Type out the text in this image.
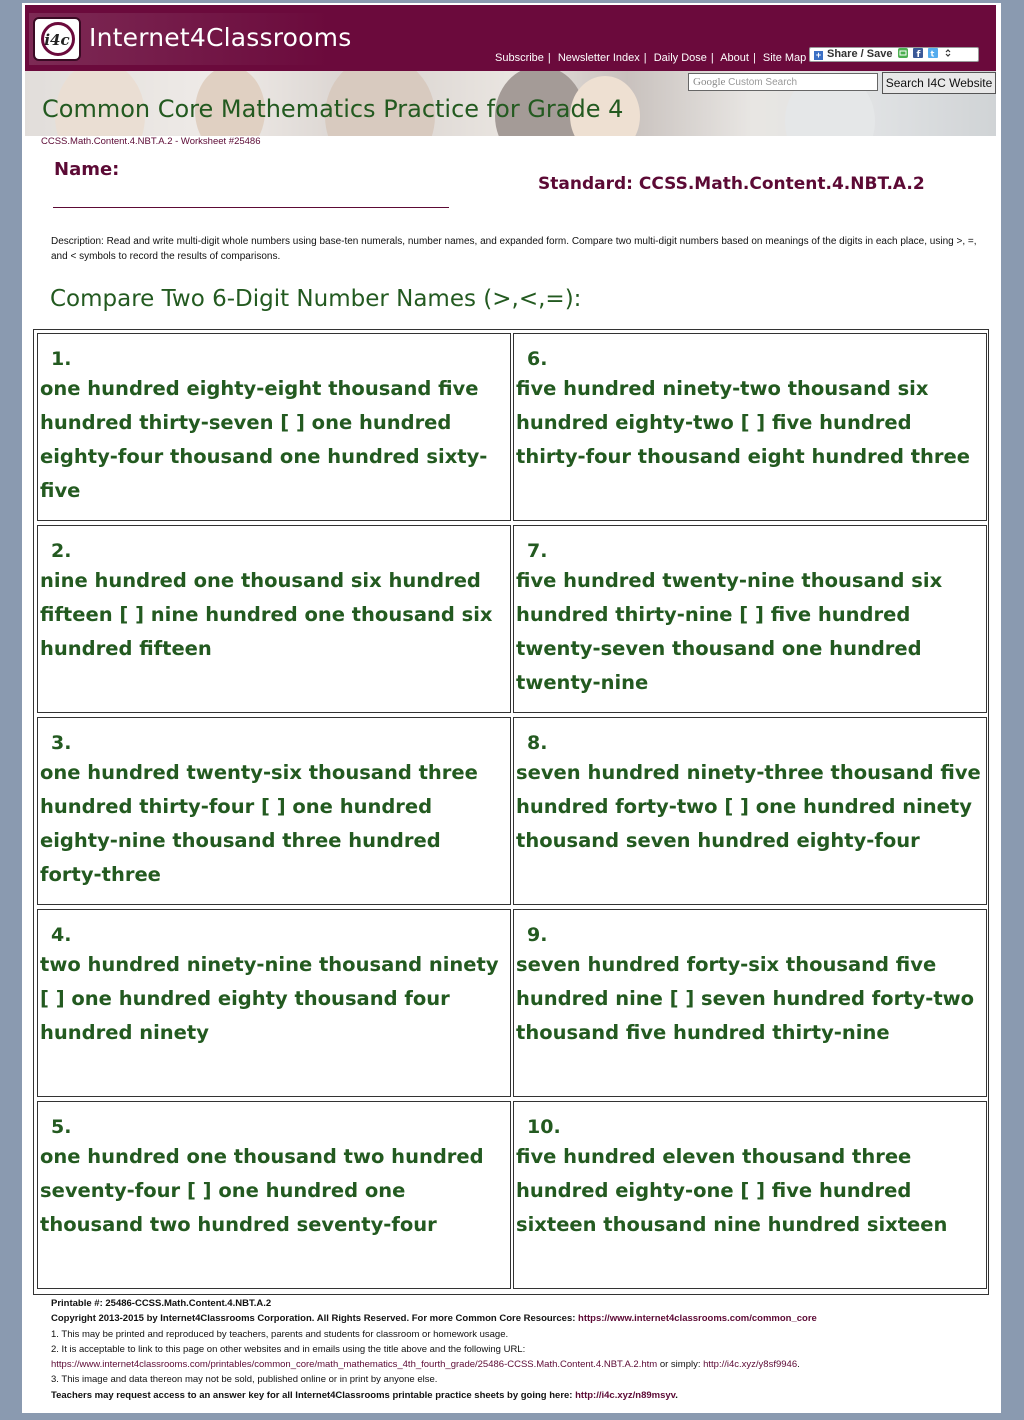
i4c Internet4Classrooms
Subscribe | Newsletter Index | Daily Dose | About | Site Map	+ Share / Save	f
t

Google Custom Search	Search I4C Website
Common Core Mathematics Practice for Grade 4
CCSS.Math.Content.4.NBT.A.2 - Worksheet #25486
Name:
Standard: CCSS.Math.Content.4.NBT.A.2
Description: Read and write multi-digit whole numbers using base-ten numerals, number names, and expanded form. Compare two multi-digit numbers based on meanings of the digits in each place, using >, =, and < symbols to record the results of comparisons.
Compare Two 6-Digit Number Names (>,<,=):
1.
one hundred eighty-eight thousand five hundred thirty-seven [ ] one hundred eighty-four thousand one hundred sixty-five
6.
five hundred ninety-two thousand six hundred eighty-two [ ] five hundred thirty-four thousand eight hundred three
2.
nine hundred one thousand six hundred fifteen [ ] nine hundred one thousand six hundred fifteen
7.
five hundred twenty-nine thousand six hundred thirty-nine [ ] five hundred twenty-seven thousand one hundred twenty-nine
3.
one hundred twenty-six thousand three hundred thirty-four [ ] one hundred eighty-nine thousand three hundred forty-three
8.
seven hundred ninety-three thousand five hundred forty-two [ ] one hundred ninety thousand seven hundred eighty-four
4.
two hundred ninety-nine thousand ninety [ ] one hundred eighty thousand four hundred ninety
9.
seven hundred forty-six thousand five hundred nine [ ] seven hundred forty-two thousand five hundred thirty-nine
5.
one hundred one thousand two hundred seventy-four [ ] one hundred one thousand two hundred seventy-four
10.
five hundred eleven thousand three hundred eighty-one [ ] five hundred sixteen thousand nine hundred sixteen
Printable #: 25486-CCSS.Math.Content.4.NBT.A.2
Copyright 2013-2015 by Internet4Classrooms Corporation. All Rights Reserved. For more Common Core Resources: https://www.internet4classrooms.com/common_core
1. This may be printed and reproduced by teachers, parents and students for classroom or homework usage.
2. It is acceptable to link to this page on other websites and in emails using the title above and the following URL:
https://www.internet4classrooms.com/printables/common_core/math_mathematics_4th_fourth_grade/25486-CCSS.Math.Content.4.NBT.A.2.htm or simply: http://i4c.xyz/y8sf9946.
3. This image and data thereon may not be sold, published online or in print by anyone else.
Teachers may request access to an answer key for all Internet4Classrooms printable practice sheets by going here: http://i4c.xyz/n89msyv.
